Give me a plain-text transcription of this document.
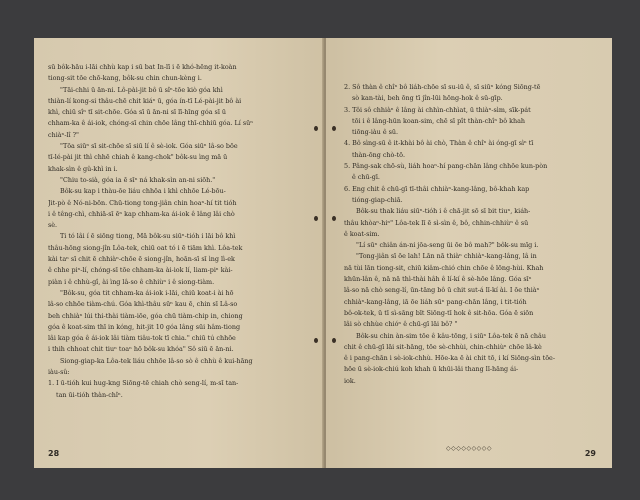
sū bôk-hāu i-lāi chhù kap i sū bat In-lī i ē khó-hēng it-koàn
tiong-sit tōe chō-kang, bôk-su chin chun-kèng i.
"Tāi-chhi ū ān-ni. Lô-pài-jit bô ū sîⁿ-tōe kiò góa khì
thiàn-lí kong-si thâu-chē chit kiáⁿ ū, góa ín-tī Lé-pài-jit bô ài
khì, chiū sîⁿ tī sit-chōe. Góa sī ū ān-ni sī lī-hīng góa sī ū
chham-ka ê ái-iok, chóng-sī chin chōe lâng thī-chhiū góa. Lí sūⁿ
chiàⁿ-lî ?"
"Tōa siūⁿ sī sit-chōe sī siū lí ê sè-iok. Góa siūⁿ lâ-so bōe
tī-lé-pài jit thì chhē chiah ê kang-chok" bôk-su ìng mā ū
khak-sìn ê gû-khì in i.
"Chiu to-sià, góa ia ē sīⁿ ná khak-sìn an-ni siōh."
Bôk-su kap i thàu-ōe liáu chhōa i khì chhōe Lé-bōu-
Jit-pò ê Nó-ni-bōn. Chū-tiong tong-jiân chin hoaⁿ-hí tit tióh
i ê têng-chì, chhiā-sī ēⁿ kap chham-ka ái-iok ê lâng lâi chò
sè.
Ti tó lâi í ē siōng tiong, Mā bôk-su siūⁿ-tióh i lāi bô khì
thâu-hōng siong-jîn Lôa-tek, chiū oat tó i ē tiām khì. Lôa-tek
kài taⁿ sī chit ē chhiàⁿ-chōe ē siong-jîn, hoān-sī sī ìng lì-ek
ê chhe piⁿ-lí, chóng-sī tōe chham-ka ài-iok lí, liam-piⁿ kài-
piàn i ê chhù-gî, ài ìng lâ-so ê chhiùⁿ i ê siong-tiàm.
"Bôk-su, góa tit chham-ka ái-iok i-lāi, chiū koat-i ài hō
lâ-so chhōe tiàm-chú. Góa khì-thâu sūⁿ kau ē, chin sī Lâ-so
beh chhiàⁿ lúi thi-thài tiàm-iōe, góa chū tiàm-chip in, chiong
góa ê koat-sim thī in kóng, hit-jit 10 góa lâng sūi hâm-tiong
lâi kap góa ê ái-iok lâi tiàm tiâu-tok tī chia." chiū tú chhōe
i thih chhoat chit tiuⁿ toaⁿ hō bôk-su khóa" Sô siū ē ān-ni.
Siong-giap-ka Lôa-tek liáu chhōe lâ-so sò ê chhù ê kui-hāng
iàu-sû:
1. I ū-tióh kui hug-kng Siōng-tē chiah chò seng-lí, m-sī tan-
tan ūi-tióh thàn-chîⁿ.
2. Sô thàn ê chîⁿ bô liáh-chōe sī su-iū ê, sī siūⁿ kóng Siōng-tē
sò kan-tài, beh ōng tī jîn-lūi hōng-hok ê sū-gīp.
3. Tôi sô chhiàⁿ ê lâng ài chhìn-chhìat, ū thiàⁿ-sìm, sīk-pát
tōi i ê lâng-hūn koan-sim, chē sī pît thàn-chîⁿ bô khah
tiōng-iàu ê sū.
4. Bô sìng-sū ê it-khài bô ài chò, Thàn ê chîⁿ ài óng-gī sìⁿ tī
thàn-ōng chò-tō.
5. Pâng-sak chō-sù, liáh hoaⁿ-hí pang-chān lâng chhōe kun-pòn
ê chū-gī.
6. Eng chit ê chū-gī tī-thâi chhiàⁿ-kang-lâng, bô-khah kap
tióng-giap-chiā.
Bôk-su thak liáu siūⁿ-tióh i ê chā-jit sō sī bit tiuⁿ, kiáh-
thâu khòaⁿ-hiⁿ" Lôa-tek lī ē sì-sìn ê, bô, chhin-chhiùⁿ ê sū
ê koat-sim.
"Lí sūⁿ chiân án-ni jōa-seng ūi ōe bô mah?" bôk-su mīg i.
"Tong-jiân sī ōe lah! Lān nā thiàⁿ chhiàⁿ-kang-lâng, lâ in
nā tùi lān tiong-sit, chiū kiâm-chió chin chōe ê lōng-hùi. Khah
khūn-lân ê, nā nā thì-thài hâh ê lí-kí ê sè-hōe lâng. Góa sīⁿ
lâ-so nā chò seng-lí, ūn-tāng bô ū chit sut-á lī-kí ài. I ōe thiàⁿ
chhiàⁿ-kang-lâng, iā ōe liáh sūⁿ pang-chān lâng, i tit-tióh
bô-ok-tek, ū tī sì-sāng bīt Siōng-tī hok ê sit-hōa. Góa ē siōn
lâi sò chhùe chióⁿ ê chū-gī lāi bô? "
Bôk-su chin àn-sim tōe ê kâu-tōng, i siūⁿ Lôa-tek ē nā châu
chit ê chū-gī lāi sit-hāng, tōe sè-chhùi, chin-chhiùⁿ chōe lâ-kè
ê i pang-chān i sè-iok-chhù. Hōe-ka ē ài chit tō, i kí Siōng-sìn tōe-
hōe ū sè-iok-chiú koh khah ū khūi-lâi thang lī-hāng ái-
iok.
28	29
◇◇◇◇◇◇◇◇◇
